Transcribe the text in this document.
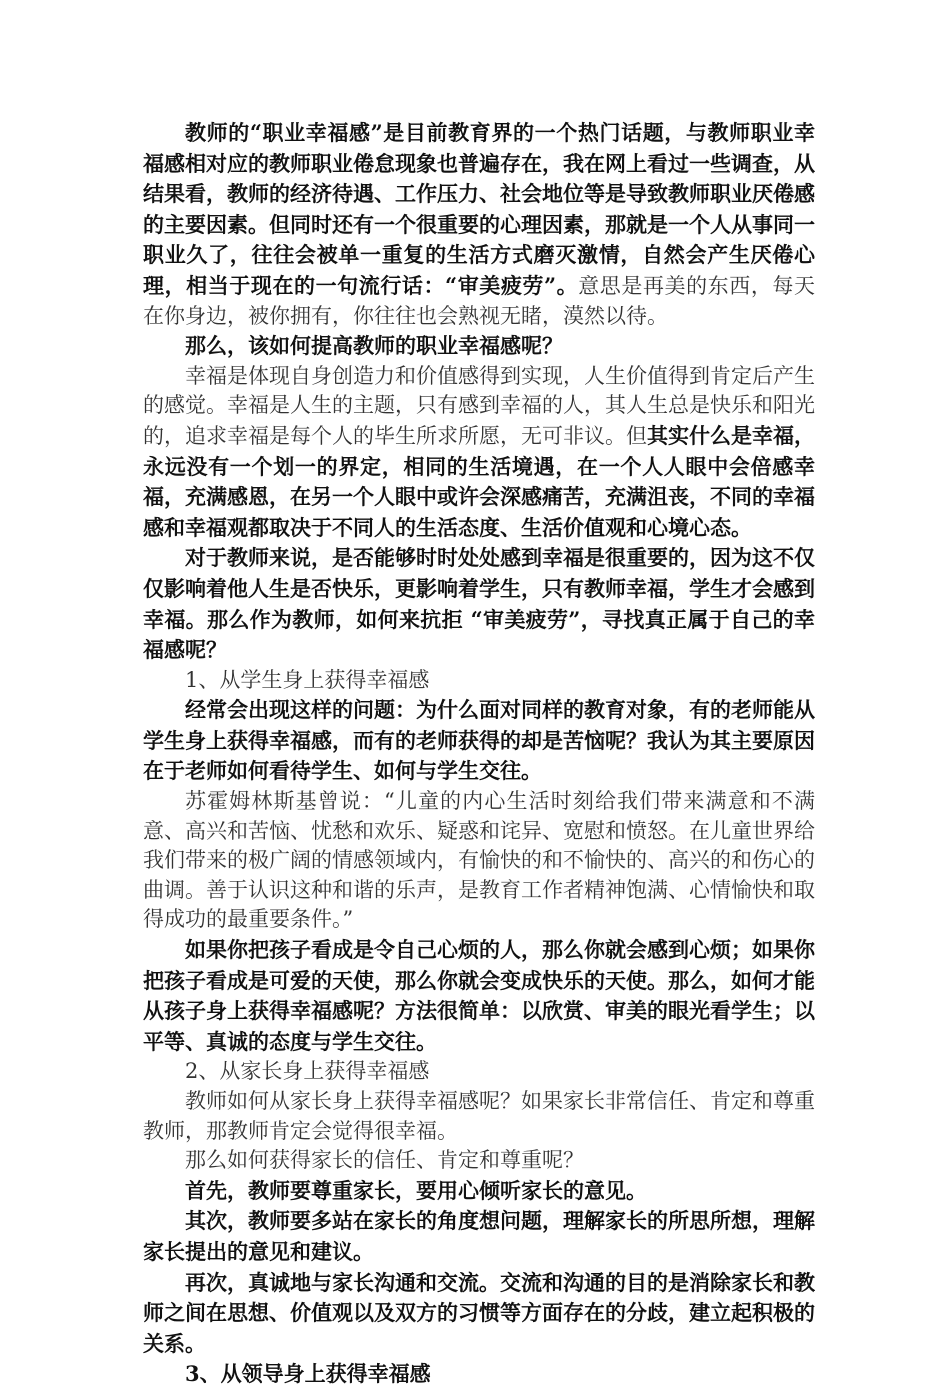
教师的“职业幸福感”是目前教育界的一个热门话题，与教师职业幸福感相对应的教师职业倦怠现象也普遍存在，我在网上看过一些调查，从结果看，教师的经济待遇、工作压力、社会地位等是导致教师职业厌倦感的主要因素。但同时还有一个很重要的心理因素，那就是一个人从事同一职业久了，往往会被单一重复的生活方式磨灭激情，自然会产生厌倦心理，相当于现在的一句流行话：“审美疲劳”。意思是再美的东西，每天在你身边，被你拥有，你往往也会熟视无睹，漠然以待。

那么，该如何提高教师的职业幸福感呢？

幸福是体现自身创造力和价值感得到实现，人生价值得到肯定后产生的感觉。幸福是人生的主题，只有感到幸福的人，其人生总是快乐和阳光的，追求幸福是每个人的毕生所求所愿，无可非议。但其实什么是幸福，永远没有一个划一的界定，相同的生活境遇，在一个人人眼中会倍感幸福，充满感恩，在另一个人眼中或许会深感痛苦，充满沮丧，不同的幸福感和幸福观都取决于不同人的生活态度、生活价值观和心境心态。

对于教师来说，是否能够时时处处感到幸福是很重要的，因为这不仅仅影响着他人生是否快乐，更影响着学生，只有教师幸福，学生才会感到幸福。那么作为教师，如何来抗拒 “审美疲劳”，寻找真正属于自己的幸福感呢？

1、从学生身上获得幸福感

经常会出现这样的问题：为什么面对同样的教育对象，有的老师能从学生身上获得幸福感，而有的老师获得的却是苦恼呢？我认为其主要原因在于老师如何看待学生、如何与学生交往。

苏霍姆林斯基曾说：“儿童的内心生活时刻给我们带来满意和不满意、高兴和苦恼、忧愁和欢乐、疑惑和诧异、宽慰和愤怒。在儿童世界给我们带来的极广阔的情感领域内，有愉快的和不愉快的、高兴的和伤心的曲调。善于认识这种和谐的乐声，是教育工作者精神饱满、心情愉快和取得成功的最重要条件。”

如果你把孩子看成是令自己心烦的人，那么你就会感到心烦；如果你把孩子看成是可爱的天使，那么你就会变成快乐的天使。那么，如何才能从孩子身上获得幸福感呢？方法很简单：以欣赏、审美的眼光看学生；以平等、真诚的态度与学生交往。

2、从家长身上获得幸福感

教师如何从家长身上获得幸福感呢？如果家长非常信任、肯定和尊重教师，那教师肯定会觉得很幸福。

那么如何获得家长的信任、肯定和尊重呢？

首先，教师要尊重家长，要用心倾听家长的意见。

其次，教师要多站在家长的角度想问题，理解家长的所思所想，理解家长提出的意见和建议。

再次，真诚地与家长沟通和交流。交流和沟通的目的是消除家长和教师之间在思想、价值观以及双方的习惯等方面存在的分歧，建立起积极的关系。

3、从领导身上获得幸福感
